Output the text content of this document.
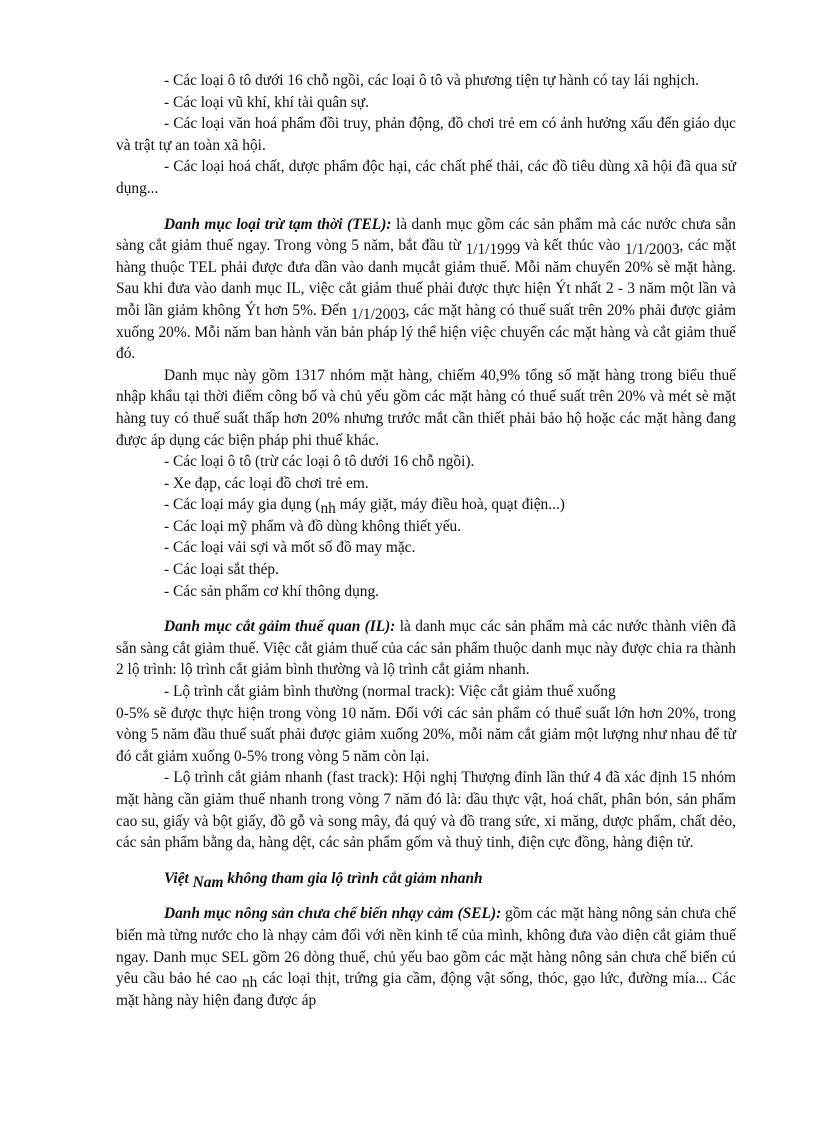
- Các loại ô tô dưới 16 chỗ ngồi, các loại ô tô và phương tiện tự hành có tay lái nghịch.

- Các loại vũ khí, khí tài quân sự.

- Các loại văn hoá phẩm đồi truy, phản động, đồ chơi trẻ em có ảnh hưởng xấu đến giáo dục và trật tự an toàn xã hội.

- Các loại hoá chất, dược phẩm độc hại, các chất phế thải, các đồ tiêu dùng xã hội đã qua sử dụng...

Danh mục loại trừ tạm thời (TEL): là danh mục gồm các sản phẩm mà các nước chưa sẵn sàng cắt giảm thuế ngay. Trong vòng 5 năm, bắt đầu từ 1/1/1999 và kết thúc vào 1/1/2003, các mặt hàng thuộc TEL phải được đưa dần vào danh mụcắt giảm thuế. Mỗi năm chuyển 20% sè mặt hàng. Sau khi đưa vào danh mục IL, việc cắt giảm thuế phải được thực hiện Ýt nhất 2 - 3 năm một lần và mỗi lần giảm không Ýt hơn 5%. Đến 1/1/2003, các mặt hàng có thuế suất trên 20% phải được giảm xuống 20%. Mỗi năm ban hành văn bản pháp lý thể hiện việc chuyển các mặt hàng và cắt giảm thuế đó.

Danh mục này gồm 1317 nhóm mặt hàng, chiếm 40,9% tổng số mặt hàng trong biểu thuế nhập khẩu tại thời điểm công bố và chủ yếu gồm các mặt hàng có thuế suất trên 20% và mét sè mặt hàng tuy có thuế suất thấp hơn 20% nhưng trước mắt cần thiết phải bảo hộ hoặc các mặt hàng đang được áp dụng các biện pháp phi thuế khác.

- Các loại ô tô (trừ các loại ô tô dưới 16 chỗ ngồi).

- Xe đạp, các loại đồ chơi trẻ em.

- Các loại máy gia dụng (nh máy giặt, máy điều hoà, quạt điện...)

- Các loại mỹ phẩm và đồ dùng không thiết yếu.

- Các loại vải sợi và mốt số đồ may mặc.

- Các loại sắt thép.

- Các sản phẩm cơ khí thông dụng.

Danh mục cắt gảim thuế quan (IL): là danh mục các sản phẩm mà các nước thành viên đã sẵn sàng cắt giảm thuế. Việc cắt giảm thuế của các sản phẩm thuộc danh mục này được chia ra thành 2 lộ trình: lộ trình cắt giảm bình thường và lộ trình cắt giảm nhanh.

- Lộ trình cắt giảm bình thường (normal track): Việc cắt giảm thuế xuống

0-5% sẽ được thực hiện trong vòng 10 năm. Đối với các sản phẩm có thuế suất lớn hơn 20%, trong vòng 5 năm đầu thuế suất phải được giảm xuống 20%, mỗi năm cắt giảm một lượng như nhau để từ đó cắt giảm xuống 0-5% trong vòng 5 năm còn lại.

- Lộ trình cắt giảm nhanh (fast track): Hội nghị Thượng đỉnh lần thứ 4 đã xác định 15 nhóm mặt hàng cần giảm thuế nhanh trong vòng 7 năm đó là: dầu thực vật, hoá chất, phân bón, sản phẩm cao su, giấy và bột giấy, đồ gỗ và song mây, đá quý và đồ trang sức, xi măng, dược phẩm, chất dẻo, các sản phẩm bằng da, hàng dệt, các sản phẩm gốm và thuỷ tinh, điện cực đồng, hàng điện tử.

Việt Nam không tham gia lộ trình cắt giảm nhanh

Danh mục nông sản chưa chế biến nhạy cảm (SEL): gồm các mặt hàng nông sản chưa chế biến mà từng nước cho là nhạy cảm đối với nền kinh tế của mình, không đưa vào diện cắt giảm thuế ngay. Danh mục SEL gồm 26 dòng thuế, chủ yếu bao gồm các mặt hàng nông sản chưa chế biến cú yêu cầu bảo hé cao nh các loại thịt, trứng gia cầm, động vật sống, thóc, gạo lức, đường mía... Các mặt hàng này hiện đang được áp
